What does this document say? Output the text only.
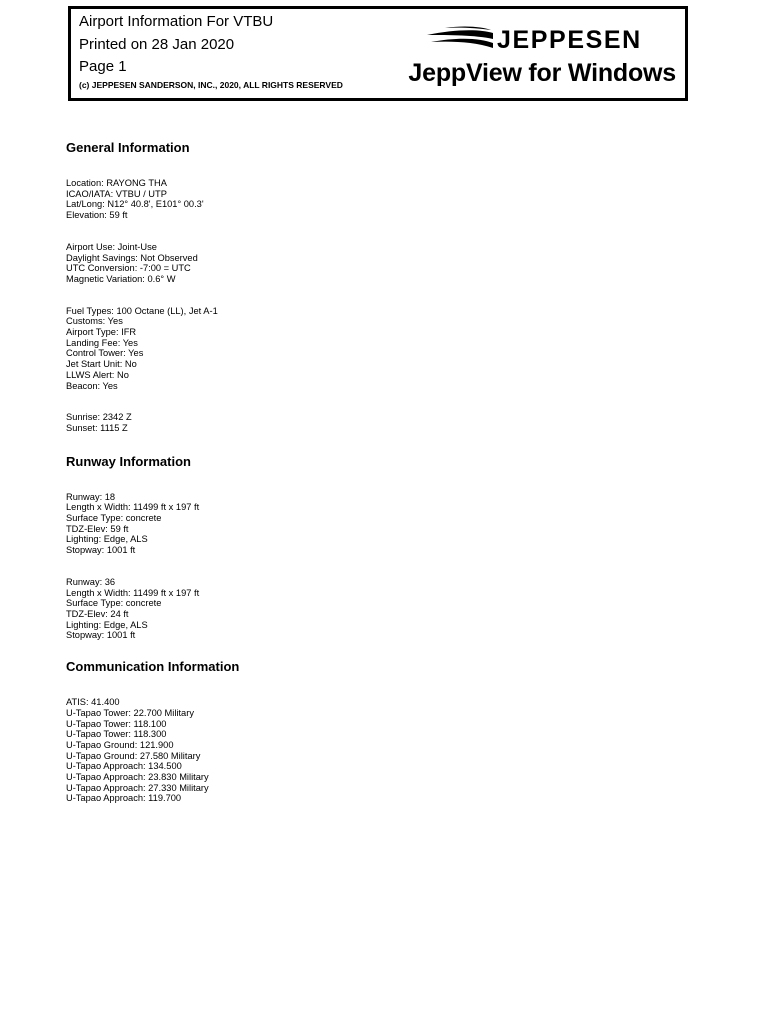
Airport Information For VTBU
Printed on 28 Jan 2020
Page 1
(c) JEPPESEN SANDERSON, INC., 2020, ALL RIGHTS RESERVED
JEPPESEN
JeppView for Windows
General Information
Location: RAYONG THA
ICAO/IATA: VTBU / UTP
Lat/Long: N12° 40.8', E101° 00.3'
Elevation: 59 ft
Airport Use: Joint-Use
Daylight Savings: Not Observed
UTC Conversion: -7:00 = UTC
Magnetic Variation: 0.6° W
Fuel Types: 100 Octane (LL), Jet A-1
Customs: Yes
Airport Type: IFR
Landing Fee: Yes
Control Tower: Yes
Jet Start Unit: No
LLWS Alert: No
Beacon: Yes
Sunrise: 2342 Z
Sunset: 1115 Z
Runway Information
Runway: 18
Length x Width: 11499 ft x 197 ft
Surface Type: concrete
TDZ-Elev: 59 ft
Lighting: Edge, ALS
Stopway: 1001 ft
Runway: 36
Length x Width: 11499 ft x 197 ft
Surface Type: concrete
TDZ-Elev: 24 ft
Lighting: Edge, ALS
Stopway: 1001 ft
Communication Information
ATIS: 41.400
U-Tapao Tower: 22.700 Military
U-Tapao Tower: 118.100
U-Tapao Tower: 118.300
U-Tapao Ground: 121.900
U-Tapao Ground: 27.580 Military
U-Tapao Approach: 134.500
U-Tapao Approach: 23.830 Military
U-Tapao Approach: 27.330 Military
U-Tapao Approach: 119.700
